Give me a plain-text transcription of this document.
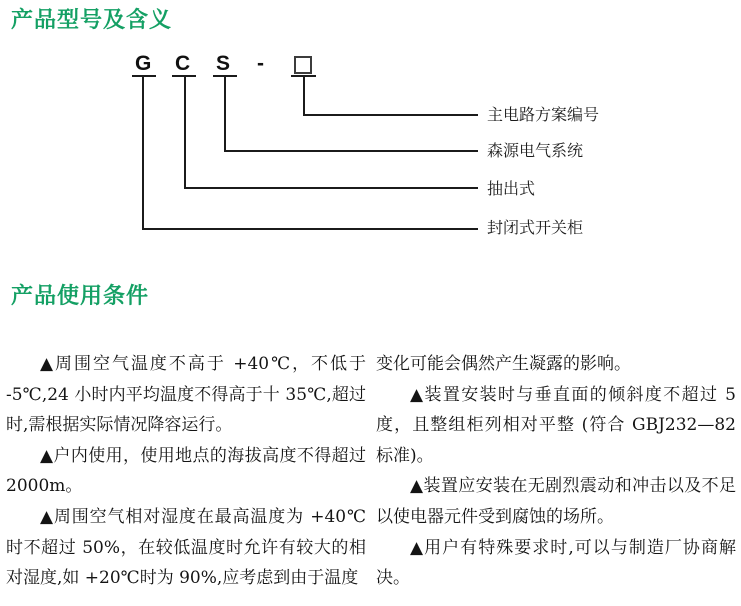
产品型号及含义
G C S -
主电路方案编号
森源电气系统
抽出式
封闭式开关柜
产品使用条件

▲周围空气温度不高于 +40℃，不低于 -5℃,24 小时内平均温度不得高于十 35℃,超过时,需根据实际情况降容运行。

▲户内使用，使用地点的海拔高度不得超过 2000m。

▲周围空气相对湿度在最高温度为 +40℃时不超过 50%，在较低温度时允许有较大的相对湿度,如 +20℃时为 90%,应考虑到由于温度

变化可能会偶然产生凝露的影响。

▲装置安装时与垂直面的倾斜度不超过 5 度，且整组柜列相对平整 (符合 GBJ232—82 标准)。

▲装置应安装在无剧烈震动和冲击以及不足以使电器元件受到腐蚀的场所。

▲用户有特殊要求时,可以与制造厂协商解决。
